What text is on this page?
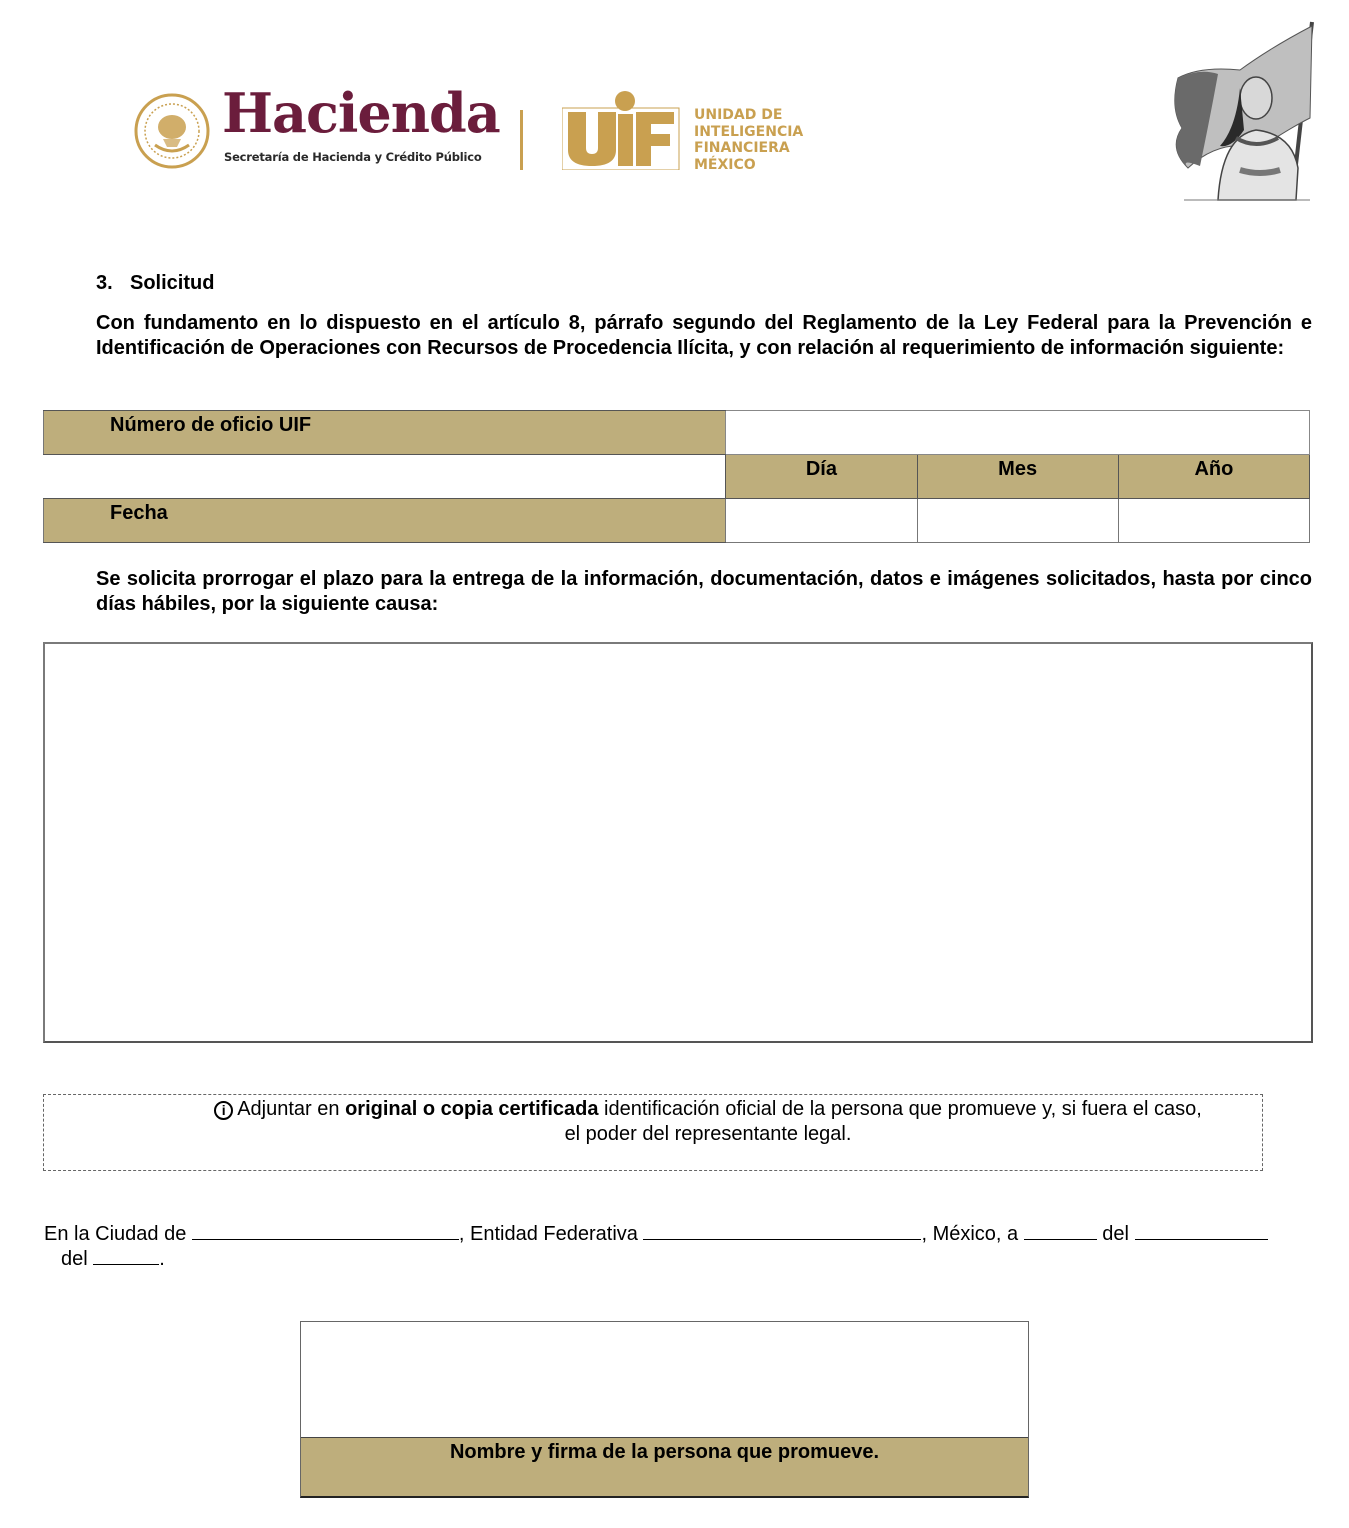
Hacienda
Secretaría de Hacienda y Crédito Público
UNIDAD DE
INTELIGENCIA
FINANCIERA
MÉXICO
3. Solicitud
Con fundamento en lo dispuesto en el artículo 8, párrafo segundo del Reglamento de la Ley Federal para la Prevención e Identificación de Operaciones con Recursos de Procedencia Ilícita, y con relación al requerimiento de información siguiente:
Número de oficio UIF			
	Día	Mes	Año
Fecha			
Se solicita prorrogar el plazo para la entrega de la información, documentación, datos e imágenes solicitados, hasta por cinco días hábiles, por la siguiente causa:
i Adjuntar en original o copia certificada identificación oficial de la persona que promueve y, si fuera el caso,
el poder del representante legal.
En la Ciudad de	, Entidad Federativa	, México, a	del
del	.
Nombre y firma de la persona que promueve.
